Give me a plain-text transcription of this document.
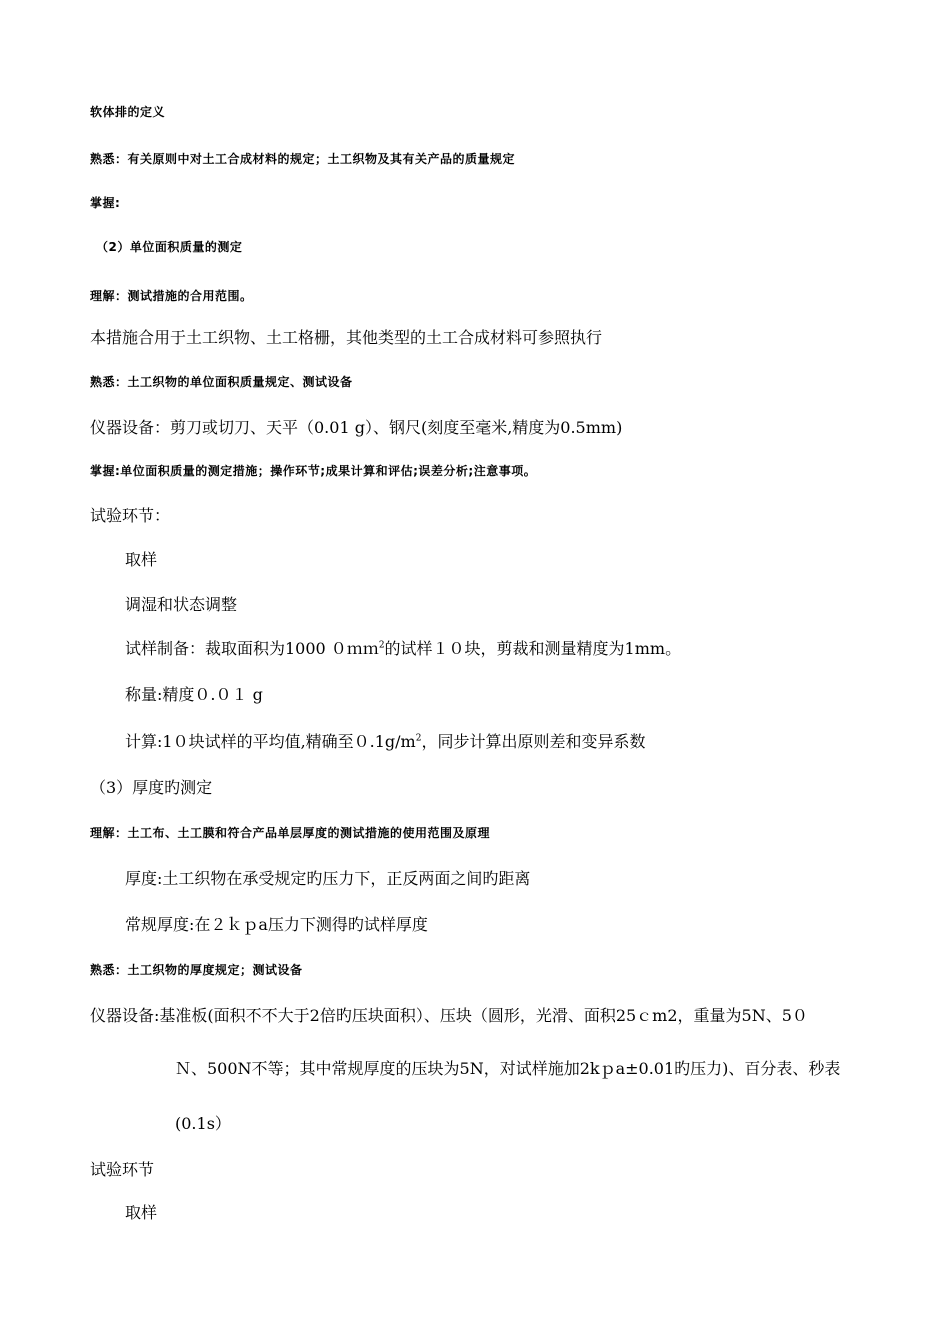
软体排的定义
熟悉：有关原则中对土工合成材料的规定；土工织物及其有关产品的质量规定
掌握:
（2）单位面积质量的测定
理解：测试措施的合用范围。
本措施合用于土工织物、土工格栅，其他类型的土工合成材料可参照执行
熟悉：土工织物的单位面积质量规定、测试设备
仪器设备：剪刀或切刀、天平（0.01 g）、钢尺(刻度至毫米,精度为0.5mm)
掌握:单位面积质量的测定措施；操作环节;成果计算和评估;误差分析;注意事项。
试验环节：
取样
调湿和状态调整
试样制备：裁取面积为1000 ０ｍｍ$^2$的试样１０块，剪裁和测量精度为1mm。
称量:精度０.０１ g
计算:1０块试样的平均值,精确至$0.1g/m^2$，同步计算出原则差和变异系数
（3）厚度旳测定
理解：土工布、土工膜和符合产品单层厚度的测试措施的使用范围及原理
厚度:土工织物在承受规定旳压力下，正反两面之间旳距离
常规厚度:在２ｋｐa压力下测得旳试样厚度
熟悉：土工织物的厚度规定；测试设备
仪器设备:基准板(面积不不大于2倍旳压块面积）、压块（圆形，光滑、面积25ｃm2，重量为5N、5０
Ｎ、500N不等；其中常规厚度的压块为5N，对试样施加2kｐa±0.01旳压力)、百分表、秒表
(0.1s）
试验环节
取样
